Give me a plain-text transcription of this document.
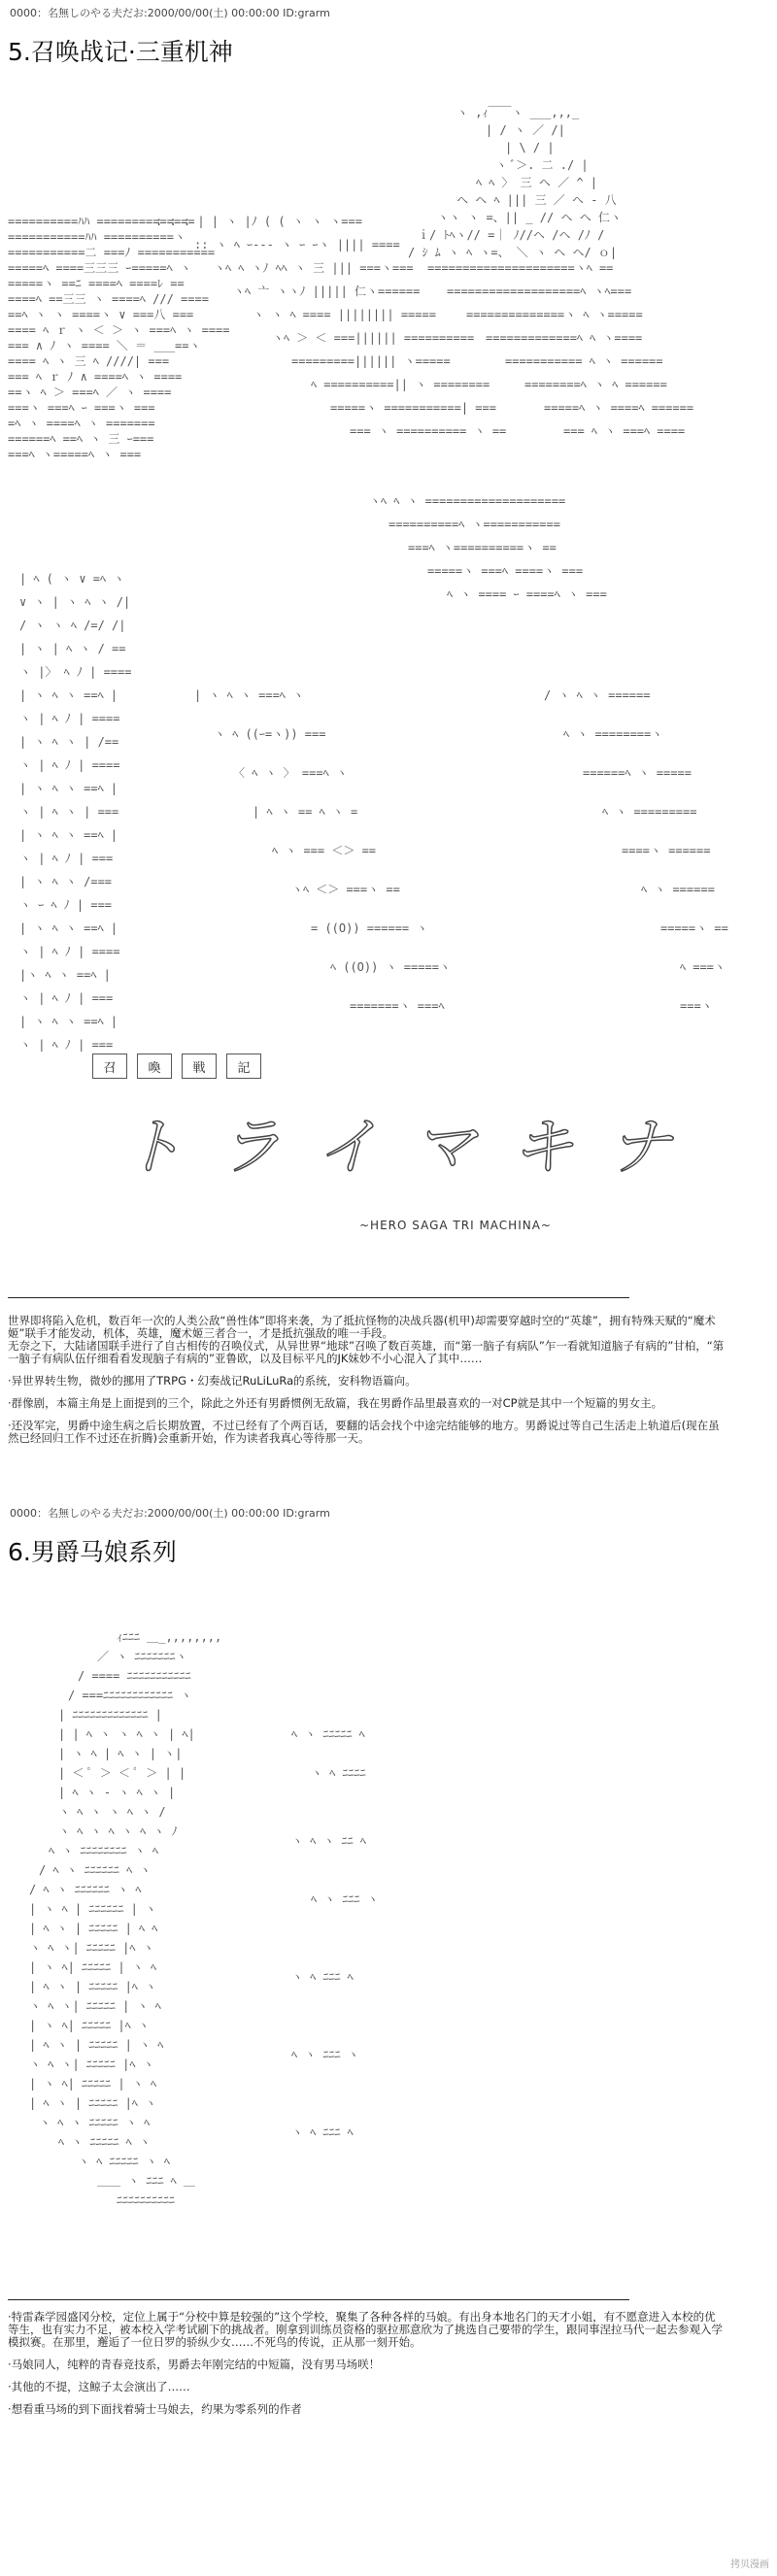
0000：名無しのやる夫だお:2000/00/00(土) 00:00:00 ID:grarm
5.召唤战记·三重机神
ヽ ,ｨ￣￣ヽ ___,,,_
| / ヽ ／ /|
| \ / |
ヽ ﾞ＞. 二 ./ |
ﾍ ﾍ 〉 三 ヘ ／ ^ |
ヘ ヘ ﾍ ||| 三 ／ ヘ - 八
ヽヽ ヽ =、|| _ // ヘ ヘ 仁ヽ
ｉ/ ﾄﾍヽ// =｜ ﾉ//ヘ /ヘ /ﾉ /
/ ｼ ﾑ ヽ ﾍ ヽ=、 ＼ ヽ ヘ ヘ/ ｏ|
==========ﾊﾊ ==============
===========ﾊﾊ ==========ヽ
===========二 ===ﾉ ===========
=====ﾍ ====三三三 ｰ=====ﾍ ヽ
=====ヽ ==ﾆ ====ﾍ ====ﾚ ==
====ﾍ ==三三 ヽ ====ﾍ /// ====
==ﾍ ヽ ヽ ====ヽ ∨ ===八 ===
==== ﾍ ｒ ヽ ＜ ＞ ヽ ===ﾍ ヽ ====
=== ∧ ﾉ ヽ ==== ＼ ＝ ___==ヽ
==== ﾍ ヽ 三 ﾍ ////| ===
=== ﾍ ｒ ﾉ ∧ ====ﾍ ヽ ====
==ヽ ﾍ ＞ ===ﾍ ／ ヽ ====
===ヽ ===ﾍ ｰ ===ヽ ===
=ﾍ ヽ ====ﾍ ヽ =======
======ﾍ ==ﾍ ヽ 三 ｰ===
===ﾍ ヽ=====ﾍ ヽ ===
: : : | | ヽ |ﾉ ( ( ヽ ヽ ヽ===
:: ヽ ﾍ ｰ--- ヽ ｰ ｰヽ |||| ====
ヽﾍ ﾍ ヽﾉ ﾍﾍ ヽ 三 ||| ===ヽ===
ヽﾍ 亠 ヽヽﾉ ||||| 仁ヽ======
ヽ ヽ ﾍ ==== |||||||| =====
ヽﾍ ＞ ＜ ===|||||| ==========
=========|||||| ヽ=====
ﾍ ==========|| ヽ ========
=====ヽ ===========| ===
=== ヽ ========== ヽ ==
=====================ヽﾍ ==
===================ﾍ ヽﾍ===
==============ヽ ﾍ ヽ=====
=============ﾍ ﾍ ヽ====
=========== ﾍ ヽ ======
========ﾍ ヽ ﾍ ======
=====ﾍ ヽ ====ﾍ ======
=== ﾍ ヽ ===ﾍ ====
ヽﾍ ﾍ ヽ ====================
==========ﾍ ヽ===========
===ﾍ ヽ==========ヽ ==
=====ヽ ===ﾍ ====ヽ ===
ﾍ ヽ ==== ｰ ====ﾍ ヽ ===
| ﾍ ( ヽ ∨ =ﾍ ヽ
∨ ヽ | ヽ ﾍ ヽ /|
/ ヽ ヽ ﾍ /=/ /|
| ヽ | ﾍ ヽ / ==
ヽ |〉 ﾍ ﾉ | ====
| ヽ ﾍ ヽ ==ﾍ |
ヽ | ﾍ ﾉ | ====
| ヽ ﾍ ヽ | /==
ヽ | ﾍ ﾉ | ====
| ヽ ﾍ ヽ ==ﾍ |
ヽ | ﾍ ヽ | ===
| ヽ ﾍ ヽ ==ﾍ |
ヽ | ﾍ ﾉ | ===
| ヽ ﾍ ヽ /===
ヽ ｰ ﾍ ﾉ | ===
| ヽ ﾍ ヽ ==ﾍ |
ヽ | ﾍ ﾉ | ====
|ヽ ﾍ ヽ ==ﾍ |
ヽ | ﾍ ﾉ | ===
| ヽ ﾍ ヽ ==ﾍ |
ヽ | ﾍ ﾉ | ===
| ヽ ﾍ ヽ ===ﾍ ヽ
ヽ ﾍ ((ｰ=ヽ)) ===
〈 ﾍ ヽ 〉 ===ﾍ ヽ
| ﾍ ヽ == ﾍ ヽ =
ﾍ ヽ === ＜＞ ==
ヽﾍ ＜＞ ===ヽ ==
= ((O)) ====== ヽ
ﾍ ((O)) ヽ =====ヽ
=======ヽ ===ﾍ
/ ヽ ﾍ ヽ ======
ﾍ ヽ ========ヽ
======ﾍ ヽ =====
ﾍ ヽ =========
====ヽ ======
ﾍ ヽ ======
=====ヽ ==
ﾍ ===ヽ
===ヽ
ｨﾆﾆﾆ ＿_,,,,,,,,
／ ヽ ﾆﾆﾆﾆﾆﾆﾆヽ
/ ==== ﾆﾆﾆﾆﾆﾆﾆﾆﾆﾆﾆ
/ ===ﾆﾆﾆﾆﾆﾆﾆﾆﾆﾆﾆﾆ ヽ
| ﾆﾆﾆﾆﾆﾆﾆﾆﾆﾆﾆﾆﾆ |
| | ﾍ ヽ ヽ ﾍ ヽ | ﾍ|
| ヽ ﾍ | ﾍ ヽ | ヽ|
| ＜ ﾟ ＞ ＜ ﾟ ＞ | |
| ﾍ ヽ ‐ ヽ ﾍ ヽ |
ヽ ﾍ ヽ ヽ ﾍ ヽ /
ヽ ﾍ ヽ ﾍ ヽ ﾍ ヽ ﾉ
ﾍ ヽ ﾆﾆﾆﾆﾆﾆﾆﾆ ヽ ﾍ
/ ﾍ ヽ ﾆﾆﾆﾆﾆﾆ ﾍ ヽ
/ ﾍ ヽ ﾆﾆﾆﾆﾆﾆ ヽ ﾍ
| ヽ ﾍ | ﾆﾆﾆﾆﾆﾆ | ヽ
| ﾍ ヽ | ﾆﾆﾆﾆﾆ | ﾍ ﾍ
ヽ ﾍ ヽ| ﾆﾆﾆﾆﾆ |ﾍ ヽ
| ヽ ﾍ| ﾆﾆﾆﾆﾆ | ヽ ﾍ
| ﾍ ヽ | ﾆﾆﾆﾆﾆ |ﾍ ヽ
ヽ ﾍ ヽ| ﾆﾆﾆﾆﾆ | ヽ ﾍ
| ヽ ﾍ| ﾆﾆﾆﾆﾆ |ﾍ ヽ
| ﾍ ヽ | ﾆﾆﾆﾆﾆ | ヽ ﾍ
ヽ ﾍ ヽ| ﾆﾆﾆﾆﾆ |ﾍ ヽ
| ヽ ﾍ| ﾆﾆﾆﾆﾆ | ヽ ﾍ
| ﾍ ヽ | ﾆﾆﾆﾆﾆ |ﾍ ヽ
ヽ ﾍ ヽ ﾆﾆﾆﾆﾆ ヽ ﾍ
ﾍ ヽ ﾆﾆﾆﾆﾆ ﾍ ヽ
ヽ ﾍ ﾆﾆﾆﾆﾆ ヽ ﾍ
＿＿ ヽ ﾆﾆﾆ ﾍ ＿
ﾆﾆﾆﾆﾆﾆﾆﾆﾆﾆ
ﾍ ヽ ﾆﾆﾆﾆﾆ ﾍ
ヽ ﾍ ﾆﾆﾆﾆ
ヽ ﾍ ヽ ﾆﾆ ﾍ
ﾍ ヽ ﾆﾆﾆ ヽ
ヽ ﾍ ﾆﾆﾆ ﾍ
ﾍ ヽ ﾆﾆﾆ ヽ
ヽ ﾍ ﾆﾆﾆ ﾍ
召	喚	戦	記
ト ラ イ マ キ ナ
~HERO SAGA TRI MACHINA~

世界即将陷入危机，数百年一次的人类公敌“兽性体”即将来袭，为了抵抗怪物的决战兵器(机甲)却需要穿越时空的“英雄”，拥有特殊天赋的“魔术姬”联手才能发动，机体，英雄，魔术姬三者合一，才是抵抗强敌的唯一手段。

无奈之下，大陆诸国联手进行了自古相传的召唤仪式，从异世界“地球”召唤了数百英雄，而“第一脑子有病队”乍一看就知道脑子有病的”甘柏，“第一脑子有病队伍仔细看看发现脑子有病的”亚鲁欧，以及目标平凡的JK妹妙不小心混入了其中……

·异世界转生物，微妙的挪用了TRPG・幻奏战记RuLiLuRa的系统，安科物语篇向。

·群像剧，本篇主角是上面提到的三个，除此之外还有男爵惯例无敌篇，我在男爵作品里最喜欢的一对CP就是其中一个短篇的男女主。

·还没军完，男爵中途生病之后长期放置，不过已经有了个两百话，要翻的话会找个中途完结能够的地方。男爵说过等自己生活走上轨道后(现在虽然已经回归工作不过还在折腾)会重新开始，作为读者我真心等待那一天。

0000：名無しのやる夫だお:2000/00/00(土) 00:00:00 ID:grarm
6.男爵马娘系列

·特雷森学园盛冈分校，定位上属于“分校中算是较强的”这个学校，聚集了各种各样的马娘。有出身本地名门的天才小姐，有不愿意进入本校的优等生，也有实力不足，被本校入学考试刷下的挑战者。刚拿到训练员资格的驱拉那意欣为了挑选自己要带的学生，跟同事涅拉马代一起去参观入学模拟赛。在那里，邂逅了一位日罗的骄纵少女……不死鸟的传说，正从那一刻开始。

·马娘同人，纯粹的青春竞技系，男爵去年刚完结的中短篇，没有男马场咲！

·其他的不提，这鲸子太会演出了……

·想看重马场的到下面找着骑士马娘去，约果为零系列的作者

拷贝漫画
